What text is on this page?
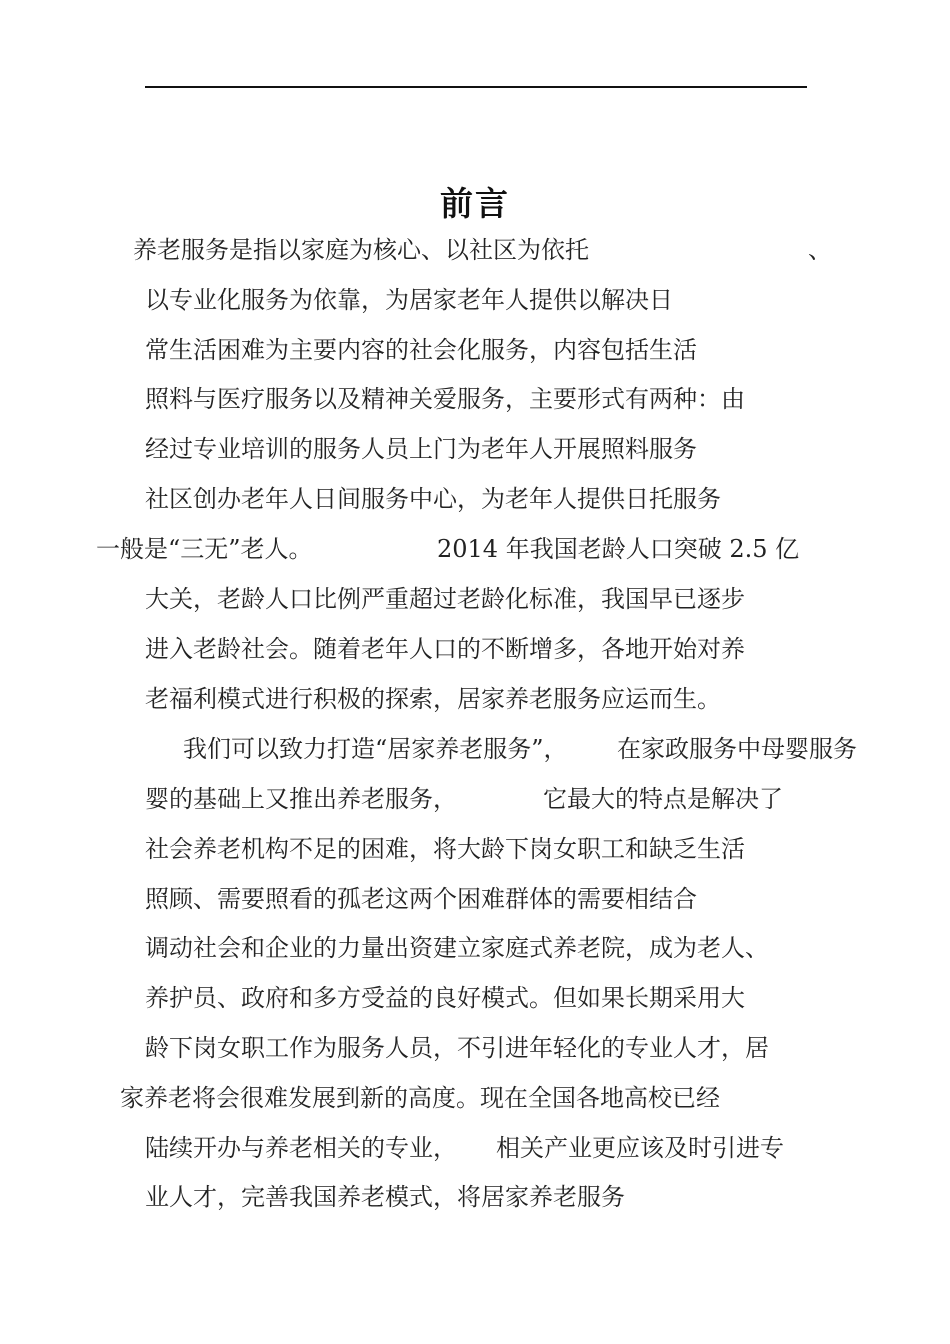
前言
养老服务是指以家庭为核心、以社区为依托	、
以专业化服务为依靠，为居家老年人提供以解决日
常生活困难为主要内容的社会化服务，内容包括生活
照料与医疗服务以及精神关爱服务，主要形式有两种：由
经过专业培训的服务人员上门为老年人开展照料服务
社区创办老年人日间服务中心，为老年人提供日托服务
一般是“三无”老人。	2014 年我国老龄人口突破 2.5 亿
大关，老龄人口比例严重超过老龄化标准，我国早已逐步
进入老龄社会。随着老年人口的不断增多，各地开始对养
老福利模式进行积极的探索，居家养老服务应运而生。
我们可以致力打造“居家养老服务”， 在家政服务中母婴服务
婴的基础上又推出养老服务，	它最大的特点是解决了
社会养老机构不足的困难，将大龄下岗女职工和缺乏生活
照顾、需要照看的孤老这两个困难群体的需要相结合
调动社会和企业的力量出资建立家庭式养老院，成为老人、
养护员、政府和多方受益的良好模式。但如果长期采用大
龄下岗女职工作为服务人员，不引进年轻化的专业人才，居
家养老将会很难发展到新的高度。现在全国各地高校已经
陆续开办与养老相关的专业， 相关产业更应该及时引进专
业人才，完善我国养老模式，将居家养老服务
